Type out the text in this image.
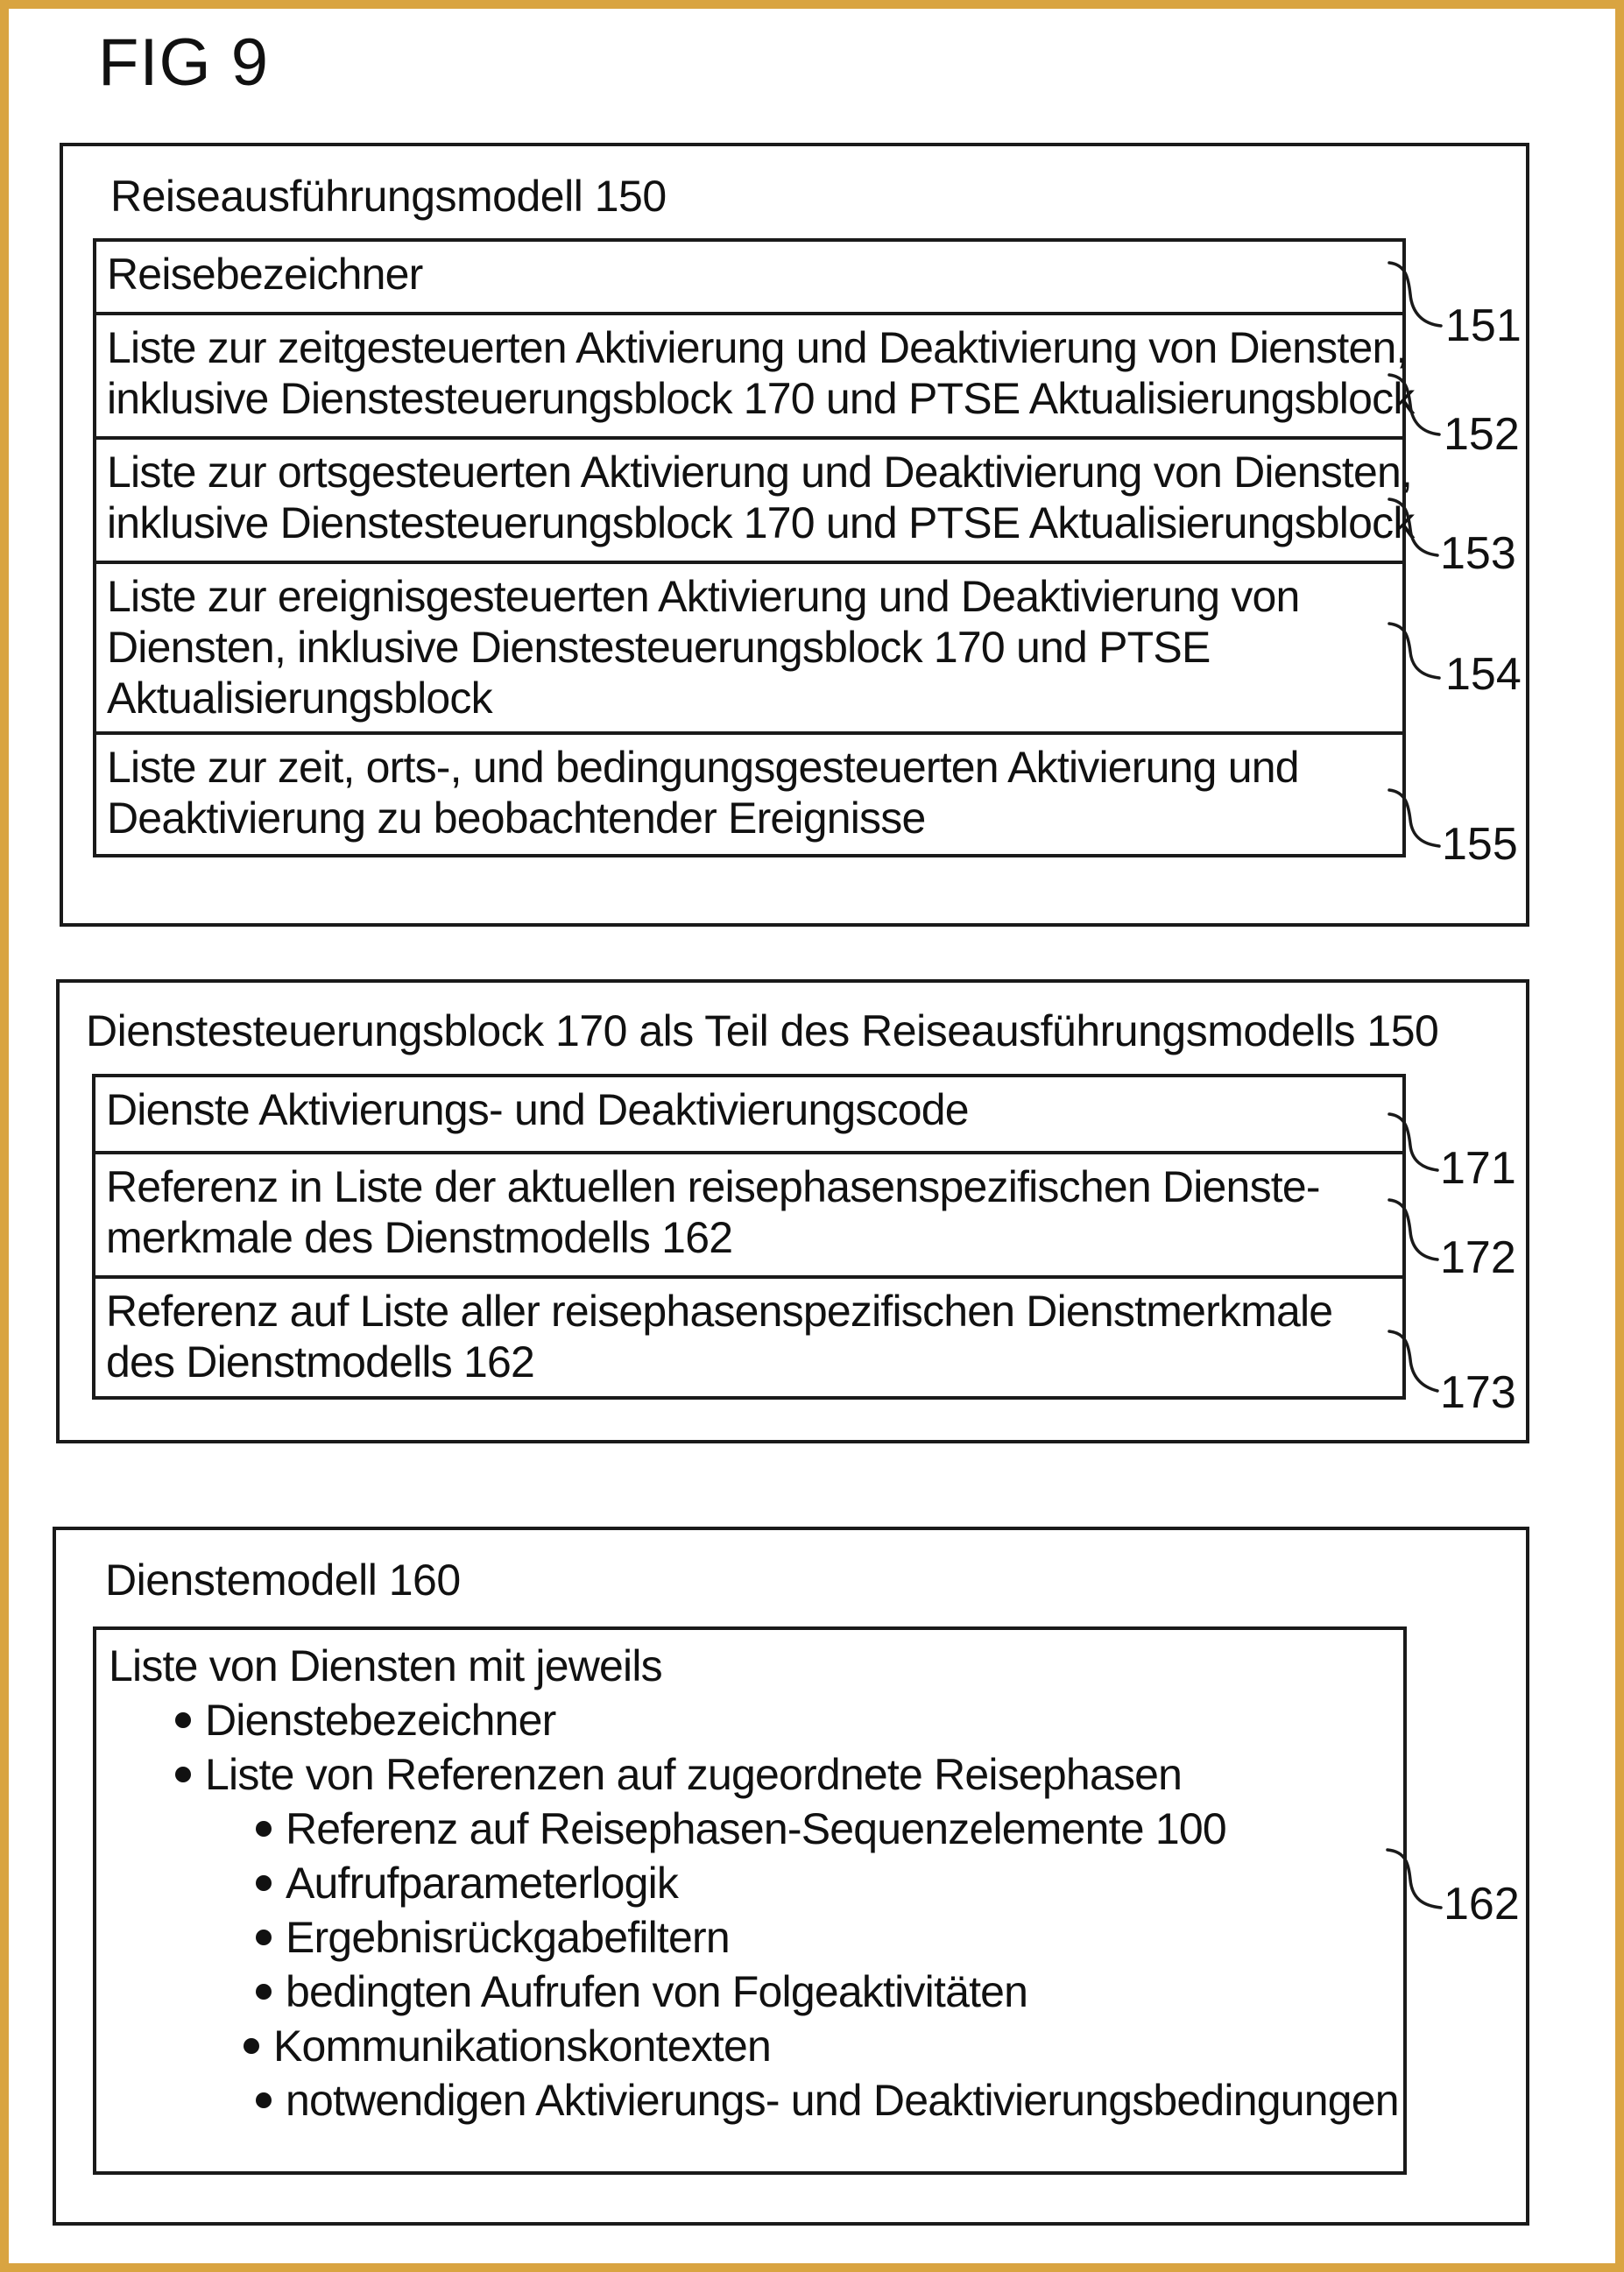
FIG 9
Reiseausführungsmodell 150
Reisebezeichner
Liste zur zeitgesteuerten Aktivierung und Deaktivierung von Diensten,
inklusive Dienstesteuerungsblock 170 und PTSE Aktualisierungsblock
Liste zur ortsgesteuerten Aktivierung und Deaktivierung von Diensten,
inklusive Dienstesteuerungsblock 170 und PTSE Aktualisierungsblock
Liste zur ereignisgesteuerten Aktivierung und Deaktivierung von
Diensten, inklusive Dienstesteuerungsblock 170 und PTSE
Aktualisierungsblock
Liste zur zeit, orts-, und bedingungsgesteuerten Aktivierung und
Deaktivierung zu beobachtender Ereignisse
Dienstesteuerungsblock 170 als Teil des Reiseausführungsmodells 150
Dienste Aktivierungs- und Deaktivierungscode
Referenz in Liste der aktuellen reisephasenspezifischen Dienste-
merkmale des Dienstmodells 162
Referenz auf Liste aller reisephasenspezifischen Dienstmerkmale
des Dienstmodells 162
Dienstemodell 160
Liste von Diensten mit jeweils
Dienstebezeichner
Liste von Referenzen auf zugeordnete Reisephasen
Referenz auf Reisephasen-Sequenzelemente 100
Aufrufparameterlogik
Ergebnisrückgabefiltern
bedingten Aufrufen von Folgeaktivitäten
Kommunikationskontexten
notwendigen Aktivierungs- und Deaktivierungsbedingungen
151
152
153
154
155
171
172
173
162
